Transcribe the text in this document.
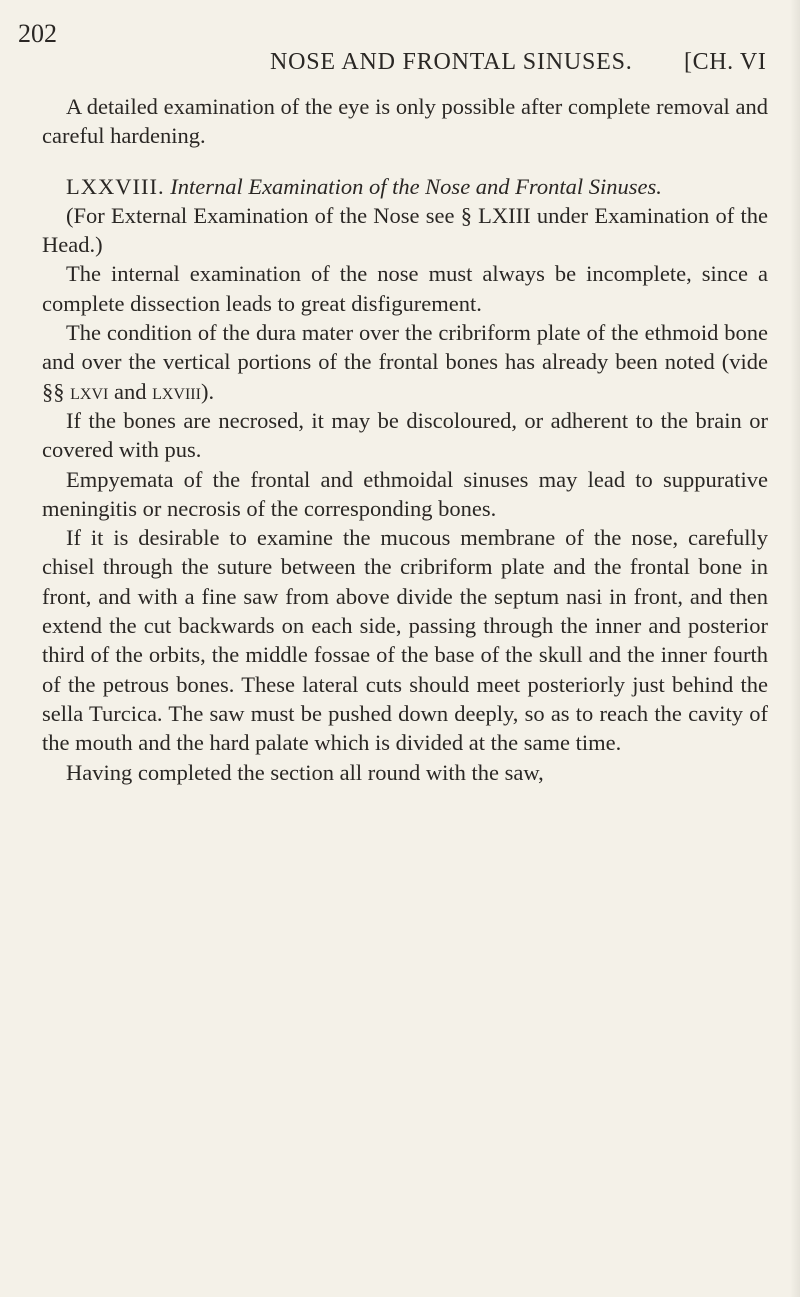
202
NOSE AND FRONTAL SINUSES. [CH. VI

A detailed examination of the eye is only possible after complete removal and careful hardening.

LXXVIII. Internal Examination of the Nose and Frontal Sinuses.

(For External Examination of the Nose see § LXIII under Examination of the Head.)

The internal examination of the nose must always be incomplete, since a complete dissection leads to great disfigurement.

The condition of the dura mater over the cribriform plate of the ethmoid bone and over the vertical portions of the frontal bones has already been noted (vide §§ lxvi and lxviii).

If the bones are necrosed, it may be discoloured, or adherent to the brain or covered with pus.

Empyemata of the frontal and ethmoidal sinuses may lead to suppurative meningitis or necrosis of the corresponding bones.

If it is desirable to examine the mucous membrane of the nose, carefully chisel through the suture between the cribriform plate and the frontal bone in front, and with a fine saw from above divide the septum nasi in front, and then extend the cut backwards on each side, passing through the inner and posterior third of the orbits, the middle fossae of the base of the skull and the inner fourth of the petrous bones. These lateral cuts should meet posteriorly just behind the sella Turcica. The saw must be pushed down deeply, so as to reach the cavity of the mouth and the hard palate which is divided at the same time.

Having completed the section all round with the saw,
